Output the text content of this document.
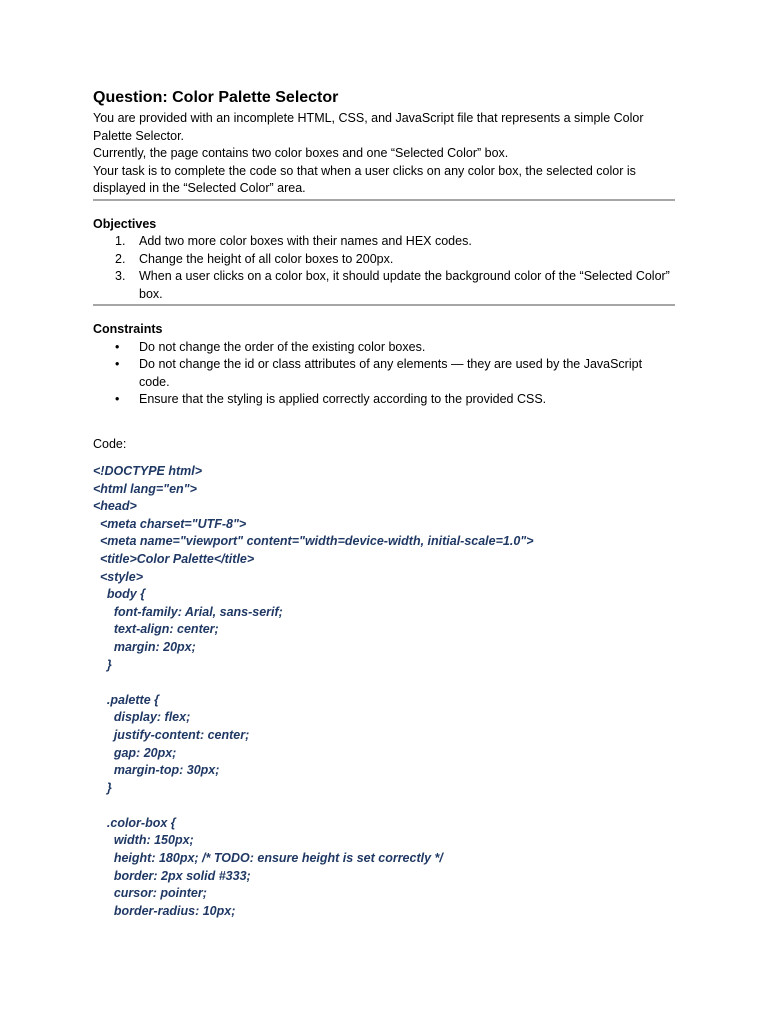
Question: Color Palette Selector

You are provided with an incomplete HTML, CSS, and JavaScript file that represents a simple Color Palette Selector.

Currently, the page contains two color boxes and one “Selected Color” box.

Your task is to complete the code so that when a user clicks on any color box, the selected color is displayed in the “Selected Color” area.

Objectives
1.	Add two more color boxes with their names and HEX codes.
2.	Change the height of all color boxes to 200px.
3.	When a user clicks on a color box, it should update the background color of the “Selected Color” box.
Constraints
• Do not change the order of the existing color boxes.
• Do not change the id or class attributes of any elements — they are used by the JavaScript code.
• Ensure that the styling is applied correctly according to the provided CSS.

Code:

<!DOCTYPE html>
<html lang="en">
<head>
<meta charset="UTF-8">
<meta name="viewport" content="width=device-width, initial-scale=1.0">
<title>Color Palette</title>
<style>
body {
font-family: Arial, sans-serif;
text-align: center;
margin: 20px;
}
.palette {
display: flex;
justify-content: center;
gap: 20px;
margin-top: 30px;
}
.color-box {
width: 150px;
height: 180px; /* TODO: ensure height is set correctly */
border: 2px solid #333;
cursor: pointer;
border-radius: 10px;
